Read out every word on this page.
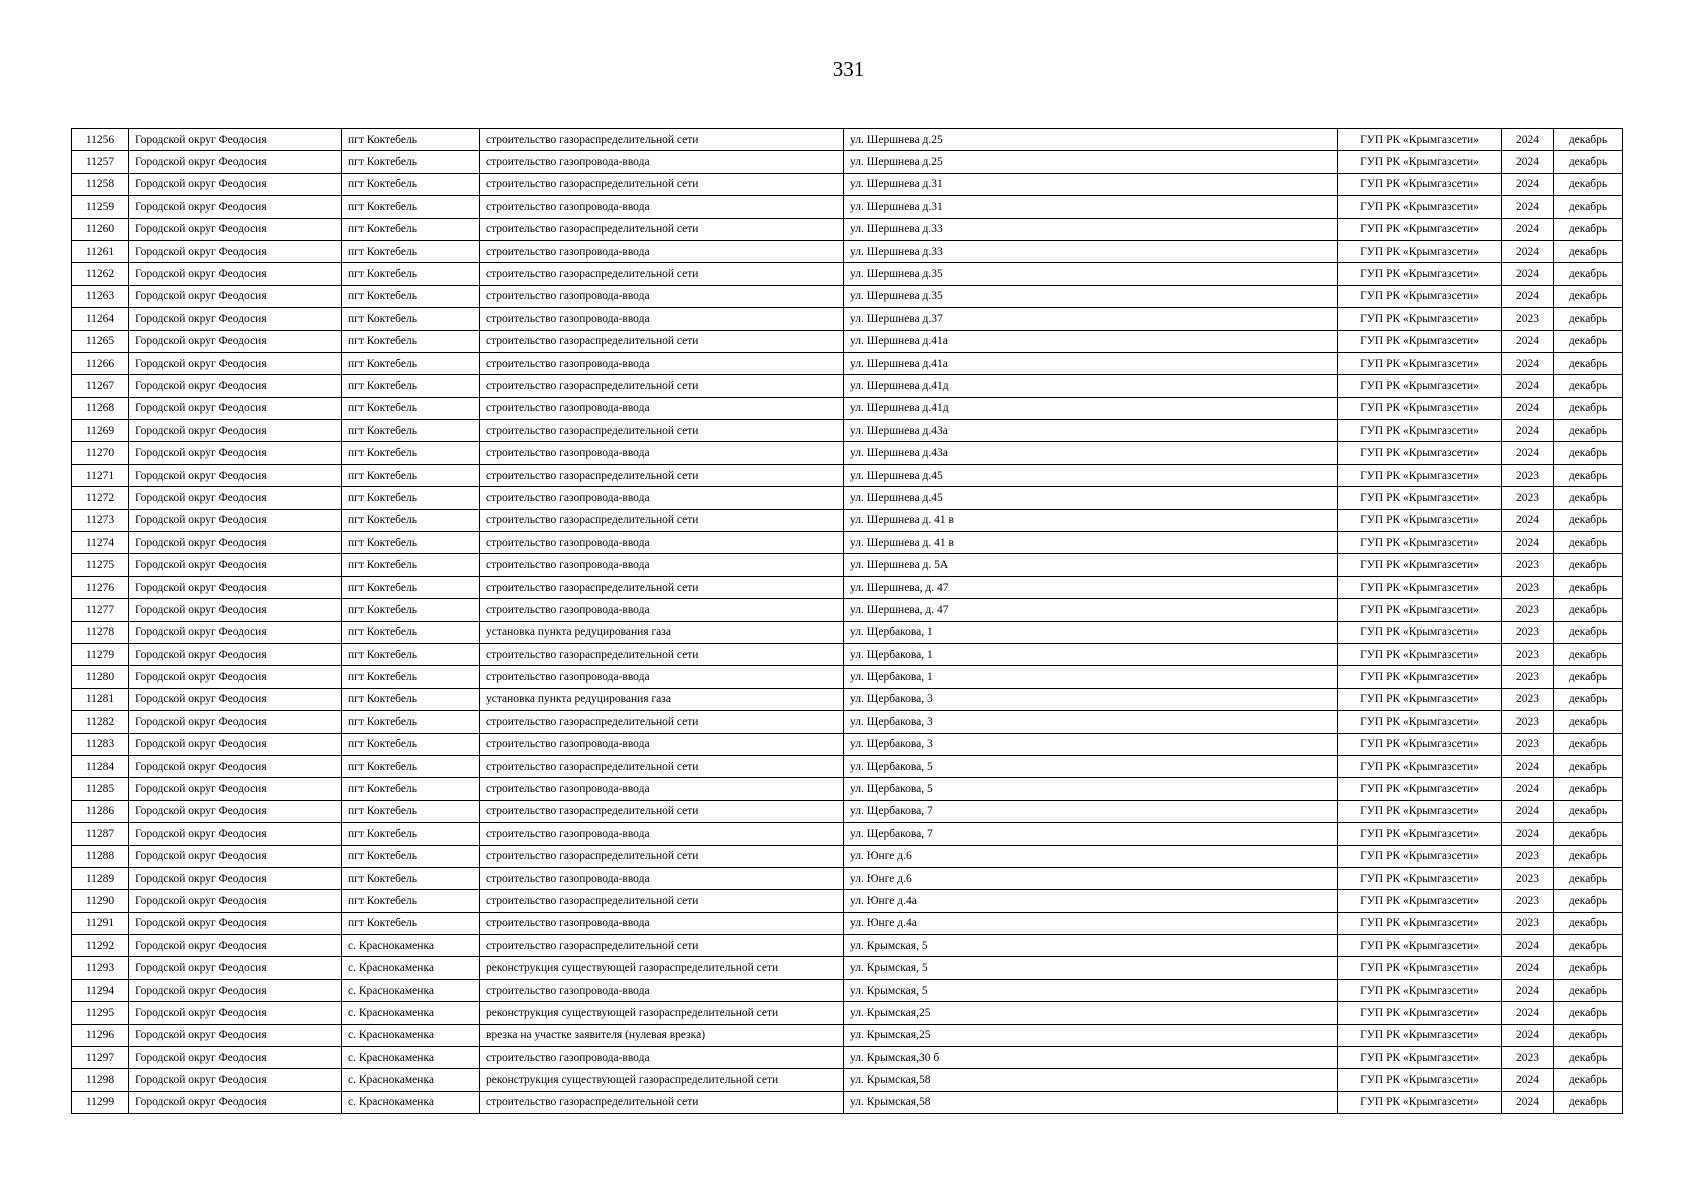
331
11256	Городской округ Феодосия	пгт Коктебель	строительство газораспределительной сети	ул. Шершнева д.25	ГУП РК «Крымгазсети»	2024	декабрь
11257	Городской округ Феодосия	пгт Коктебель	строительство газопровода-ввода	ул. Шершнева д.25	ГУП РК «Крымгазсети»	2024	декабрь
11258	Городской округ Феодосия	пгт Коктебель	строительство газораспределительной сети	ул. Шершнева д.31	ГУП РК «Крымгазсети»	2024	декабрь
11259	Городской округ Феодосия	пгт Коктебель	строительство газопровода-ввода	ул. Шершнева д.31	ГУП РК «Крымгазсети»	2024	декабрь
11260	Городской округ Феодосия	пгт Коктебель	строительство газораспределительной сети	ул. Шершнева д.33	ГУП РК «Крымгазсети»	2024	декабрь
11261	Городской округ Феодосия	пгт Коктебель	строительство газопровода-ввода	ул. Шершнева д.33	ГУП РК «Крымгазсети»	2024	декабрь
11262	Городской округ Феодосия	пгт Коктебель	строительство газораспределительной сети	ул. Шершнева д.35	ГУП РК «Крымгазсети»	2024	декабрь
11263	Городской округ Феодосия	пгт Коктебель	строительство газопровода-ввода	ул. Шершнева д.35	ГУП РК «Крымгазсети»	2024	декабрь
11264	Городской округ Феодосия	пгт Коктебель	строительство газопровода-ввода	ул. Шершнева д.37	ГУП РК «Крымгазсети»	2023	декабрь
11265	Городской округ Феодосия	пгт Коктебель	строительство газораспределительной сети	ул. Шершнева д.41а	ГУП РК «Крымгазсети»	2024	декабрь
11266	Городской округ Феодосия	пгт Коктебель	строительство газопровода-ввода	ул. Шершнева д.41а	ГУП РК «Крымгазсети»	2024	декабрь
11267	Городской округ Феодосия	пгт Коктебель	строительство газораспределительной сети	ул. Шершнева д.41д	ГУП РК «Крымгазсети»	2024	декабрь
11268	Городской округ Феодосия	пгт Коктебель	строительство газопровода-ввода	ул. Шершнева д.41д	ГУП РК «Крымгазсети»	2024	декабрь
11269	Городской округ Феодосия	пгт Коктебель	строительство газораспределительной сети	ул. Шершнева д.43а	ГУП РК «Крымгазсети»	2024	декабрь
11270	Городской округ Феодосия	пгт Коктебель	строительство газопровода-ввода	ул. Шершнева д.43а	ГУП РК «Крымгазсети»	2024	декабрь
11271	Городской округ Феодосия	пгт Коктебель	строительство газораспределительной сети	ул. Шершнева д.45	ГУП РК «Крымгазсети»	2023	декабрь
11272	Городской округ Феодосия	пгт Коктебель	строительство газопровода-ввода	ул. Шершнева д.45	ГУП РК «Крымгазсети»	2023	декабрь
11273	Городской округ Феодосия	пгт Коктебель	строительство газораспределительной сети	ул. Шершнева д. 41 в	ГУП РК «Крымгазсети»	2024	декабрь
11274	Городской округ Феодосия	пгт Коктебель	строительство газопровода-ввода	ул. Шершнева д. 41 в	ГУП РК «Крымгазсети»	2024	декабрь
11275	Городской округ Феодосия	пгт Коктебель	строительство газопровода-ввода	ул. Шершнева д. 5А	ГУП РК «Крымгазсети»	2023	декабрь
11276	Городской округ Феодосия	пгт Коктебель	строительство газораспределительной сети	ул. Шершнева, д. 47	ГУП РК «Крымгазсети»	2023	декабрь
11277	Городской округ Феодосия	пгт Коктебель	строительство газопровода-ввода	ул. Шершнева, д. 47	ГУП РК «Крымгазсети»	2023	декабрь
11278	Городской округ Феодосия	пгт Коктебель	установка пункта редуцирования газа	ул. Щербакова, 1	ГУП РК «Крымгазсети»	2023	декабрь
11279	Городской округ Феодосия	пгт Коктебель	строительство газораспределительной сети	ул. Щербакова, 1	ГУП РК «Крымгазсети»	2023	декабрь
11280	Городской округ Феодосия	пгт Коктебель	строительство газопровода-ввода	ул. Щербакова, 1	ГУП РК «Крымгазсети»	2023	декабрь
11281	Городской округ Феодосия	пгт Коктебель	установка пункта редуцирования газа	ул. Щербакова, 3	ГУП РК «Крымгазсети»	2023	декабрь
11282	Городской округ Феодосия	пгт Коктебель	строительство газораспределительной сети	ул. Щербакова, 3	ГУП РК «Крымгазсети»	2023	декабрь
11283	Городской округ Феодосия	пгт Коктебель	строительство газопровода-ввода	ул. Щербакова, 3	ГУП РК «Крымгазсети»	2023	декабрь
11284	Городской округ Феодосия	пгт Коктебель	строительство газораспределительной сети	ул. Щербакова, 5	ГУП РК «Крымгазсети»	2024	декабрь
11285	Городской округ Феодосия	пгт Коктебель	строительство газопровода-ввода	ул. Щербакова, 5	ГУП РК «Крымгазсети»	2024	декабрь
11286	Городской округ Феодосия	пгт Коктебель	строительство газораспределительной сети	ул. Щербакова, 7	ГУП РК «Крымгазсети»	2024	декабрь
11287	Городской округ Феодосия	пгт Коктебель	строительство газопровода-ввода	ул. Щербакова, 7	ГУП РК «Крымгазсети»	2024	декабрь
11288	Городской округ Феодосия	пгт Коктебель	строительство газораспределительной сети	ул. Юнге д.6	ГУП РК «Крымгазсети»	2023	декабрь
11289	Городской округ Феодосия	пгт Коктебель	строительство газопровода-ввода	ул. Юнге д.6	ГУП РК «Крымгазсети»	2023	декабрь
11290	Городской округ Феодосия	пгт Коктебель	строительство газораспределительной сети	ул. Юнге д.4а	ГУП РК «Крымгазсети»	2023	декабрь
11291	Городской округ Феодосия	пгт Коктебель	строительство газопровода-ввода	ул. Юнге д.4а	ГУП РК «Крымгазсети»	2023	декабрь
11292	Городской округ Феодосия	с. Краснокаменка	строительство газораспределительной сети	ул. Крымская, 5	ГУП РК «Крымгазсети»	2024	декабрь
11293	Городской округ Феодосия	с. Краснокаменка	реконструкция существующей газораспределительной сети	ул. Крымская, 5	ГУП РК «Крымгазсети»	2024	декабрь
11294	Городской округ Феодосия	с. Краснокаменка	строительство газопровода-ввода	ул. Крымская, 5	ГУП РК «Крымгазсети»	2024	декабрь
11295	Городской округ Феодосия	с. Краснокаменка	реконструкция существующей газораспределительной сети	ул. Крымская,25	ГУП РК «Крымгазсети»	2024	декабрь
11296	Городской округ Феодосия	с. Краснокаменка	врезка на участке заявителя (нулевая врезка)	ул. Крымская,25	ГУП РК «Крымгазсети»	2024	декабрь
11297	Городской округ Феодосия	с. Краснокаменка	строительство газопровода-ввода	ул. Крымская,30 б	ГУП РК «Крымгазсети»	2023	декабрь
11298	Городской округ Феодосия	с. Краснокаменка	реконструкция существующей газораспределительной сети	ул. Крымская,58	ГУП РК «Крымгазсети»	2024	декабрь
11299	Городской округ Феодосия	с. Краснокаменка	строительство газораспределительной сети	ул. Крымская,58	ГУП РК «Крымгазсети»	2024	декабрь
